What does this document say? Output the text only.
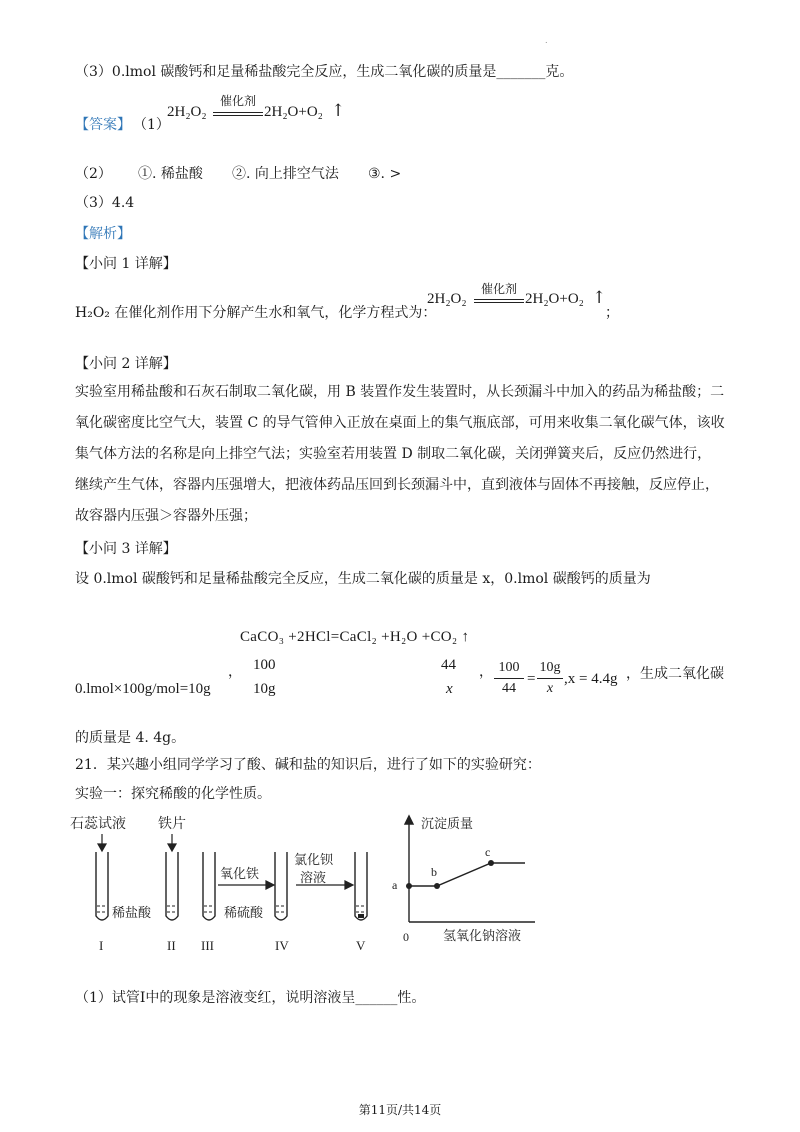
.
（3）0.lmol 碳酸钙和足量稀盐酸完全反应，生成二氧化碳的质量是_______克。
【答案】 （1）
2H₂O₂
催化剂
2H₂O+O₂ ↑
（2） ①. 稀盐酸 ②. 向上排空气法 ③. >
（3）4.4
【解析】
【小问 1 详解】
H₂O₂ 在催化剂作用下分解产生水和氧气，化学方程式为：
2H₂O₂
催化剂
2H₂O+O₂ ↑
；
【小问 2 详解】
实验室用稀盐酸和石灰石制取二氧化碳，用 B 装置作发生装置时，从长颈漏斗中加入的药品为稀盐酸；二氧化碳密度比空气大，装置 C 的导气管伸入正放在桌面上的集气瓶底部，可用来收集二氧化碳气体，该收集气体方法的名称是向上排空气法；实验室若用装置 D 制取二氧化碳，关闭弹簧夹后，反应仍然进行，继续产生气体，容器内压强增大，把液体药品压回到长颈漏斗中，直到液体与固体不再接触，反应停止，故容器内压强＞容器外压强；
【小问 3 详解】
设 0.lmol 碳酸钙和足量稀盐酸完全反应，生成二氧化碳的质量是 x，0.lmol 碳酸钙的质量为
CaCO₃ +2HCl=CaCl₂ +H₂O +CO₂ ↑
， 100	44
0.lmol×100g/mol=10g	10g	x
， 100
44
=
10g
x
,x = 4.4g ，生成二氧化碳
的质量是 4. 4g。
21．某兴趣小组同学学习了酸、碱和盐的知识后，进行了如下的实验研究：
实验一：探究稀酸的化学性质。
石蕊试液 铁片
稀盐酸	稀硫酸
氧化铁
氯化钡
溶液
I	II III	IV	V
沉淀质量
氢氧化钠溶液
0
a
b
c
（1）试管Ⅰ中的现象是溶液变红，说明溶液呈______性。
第11页/共14页
